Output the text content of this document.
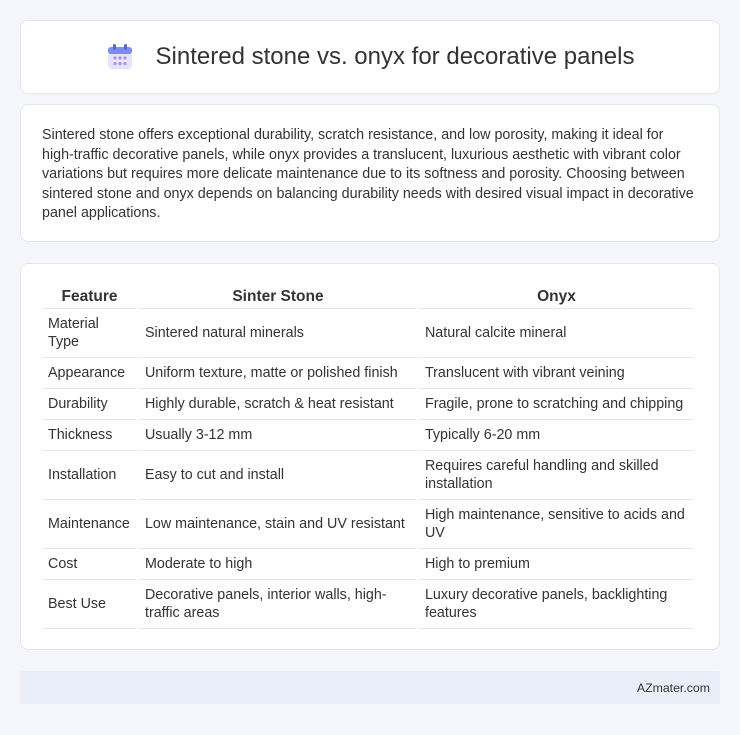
Sintered stone vs. onyx for decorative panels

Sintered stone offers exceptional durability, scratch resistance, and low porosity, making it ideal for high-traffic decorative panels, while onyx provides a translucent, luxurious aesthetic with vibrant color variations but requires more delicate maintenance due to its softness and porosity. Choosing between sintered stone and onyx depends on balancing durability needs with desired visual impact in decorative panel applications.

Feature	Sinter Stone	Onyx
Material Type	Sintered natural minerals	Natural calcite mineral
Appearance	Uniform texture, matte or polished finish	Translucent with vibrant veining
Durability	Highly durable, scratch & heat resistant	Fragile, prone to scratching and chipping
Thickness	Usually 3-12 mm	Typically 6-20 mm
Installation	Easy to cut and install	Requires careful handling and skilled installation
Maintenance	Low maintenance, stain and UV resistant	High maintenance, sensitive to acids and UV
Cost	Moderate to high	High to premium
Best Use	Decorative panels, interior walls, high-traffic areas	Luxury decorative panels, backlighting features
AZmater.com
